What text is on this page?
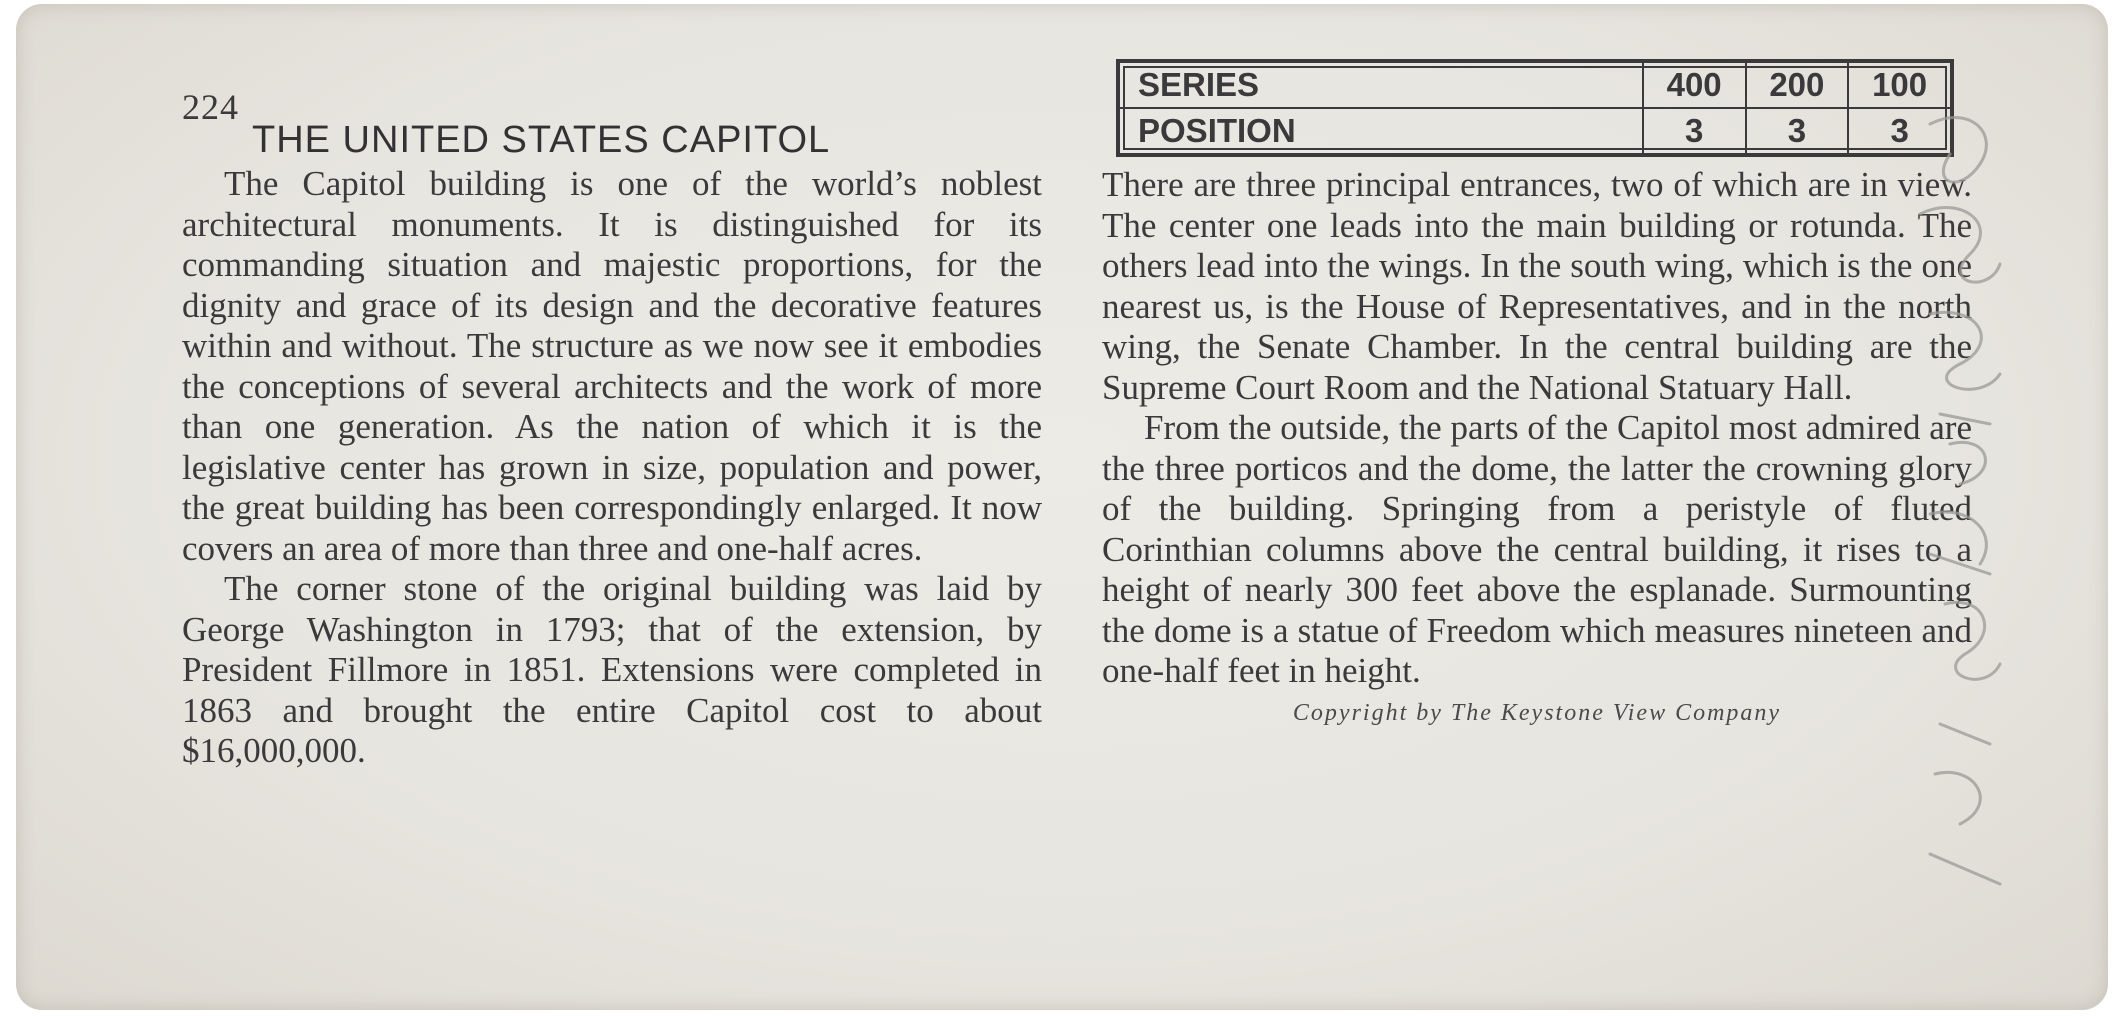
224

THE UNITED STATES CAPITOL

The Capitol building is one of the world’s noblest architectural monuments. It is distinguished for its commanding situation and majestic proportions, for the dignity and grace of its design and the decorative features within and without. The structure as we now see it embodies the conceptions of several architects and the work of more than one generation. As the nation of which it is the legislative center has grown in size, population and power, the great building has been correspondingly enlarged. It now covers an area of more than three and one-half acres.

The corner stone of the original building was laid by George Washington in 1793; that of the extension, by President Fillmore in 1851. Extensions were completed in 1863 and brought the entire Capitol cost to about $16,000,000.

SERIES	400	200	100
POSITION	3	3	3

There are three principal entrances, two of which are in view. The center one leads into the main building or rotunda. The others lead into the wings. In the south wing, which is the one nearest us, is the House of Representatives, and in the north wing, the Senate Chamber. In the central building are the Supreme Court Room and the National Statuary Hall.

From the outside, the parts of the Capitol most admired are the three porticos and the dome, the latter the crowning glory of the building. Springing from a peristyle of fluted Corinthian columns above the central building, it rises to a height of nearly 300 feet above the esplanade. Surmounting the dome is a statue of Freedom which measures nineteen and one-half feet in height.

Copyright by The Keystone View Company
